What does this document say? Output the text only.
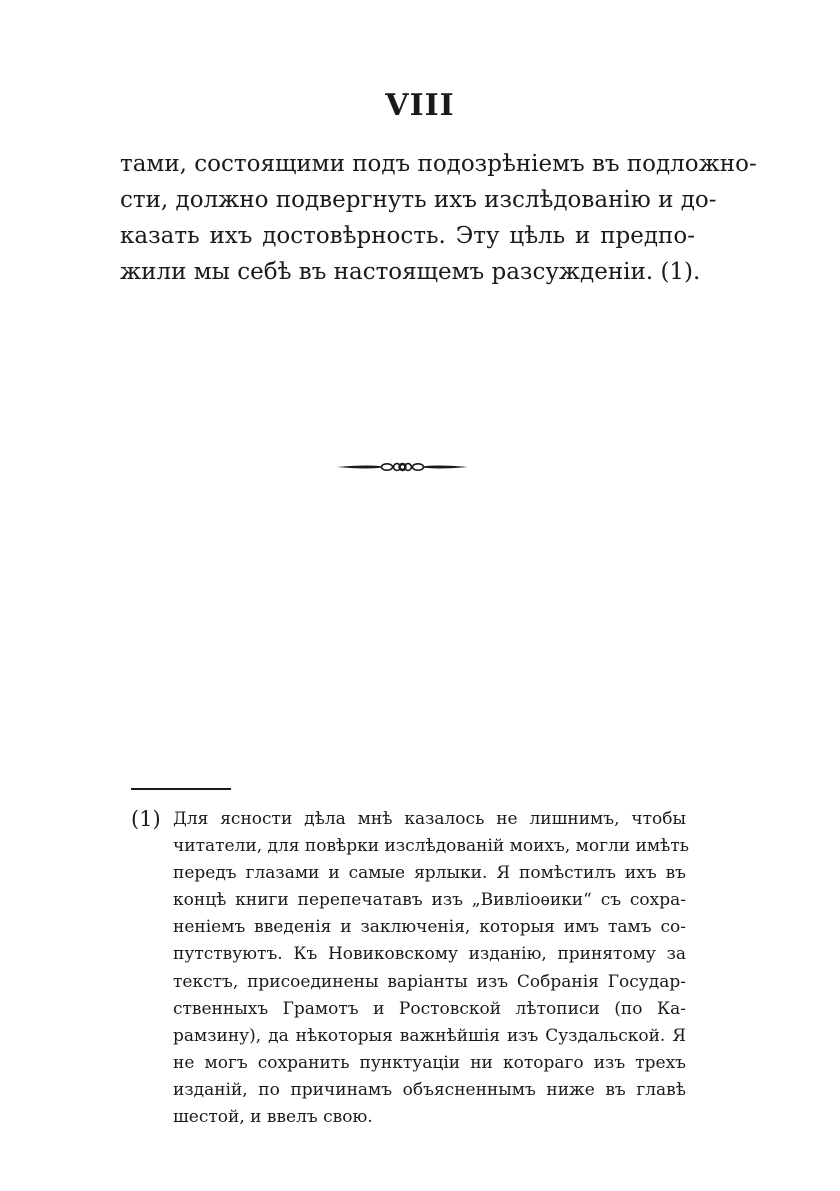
VIII
тами, состоящими подъ подозрѣніемъ въ подложно-
сти, должно подвергнуть ихъ изслѣдованію и до-
казать ихъ достовѣрность. Эту цѣль и предпо-
жили мы себѣ въ настоящемъ разсужденіи. (1).
(1) Для ясности дѣла мнѣ казалось не лишнимъ, чтобы
читатели, для повѣрки изслѣдованій моихъ, могли имѣть
передъ глазами и самые ярлыки. Я помѣстилъ ихъ въ
концѣ книги перепечатавъ изъ „Вивліоѳики“ съ сохра-
неніемъ введенія и заключенія, которыя имъ тамъ со-
путствуютъ. Къ Новиковскому изданію, принятому за
текстъ, присоединены варіанты изъ Собранія Государ-
ственныхъ Грамотъ и Ростовской лѣтописи (по Ка-
рамзину), да нѣкоторыя важнѣйшія изъ Суздальской. Я
не могъ сохранить пунктуаціи ни котораго изъ трехъ
изданій, по причинамъ объясненнымъ ниже въ главѣ
шестой, и ввелъ свою.
